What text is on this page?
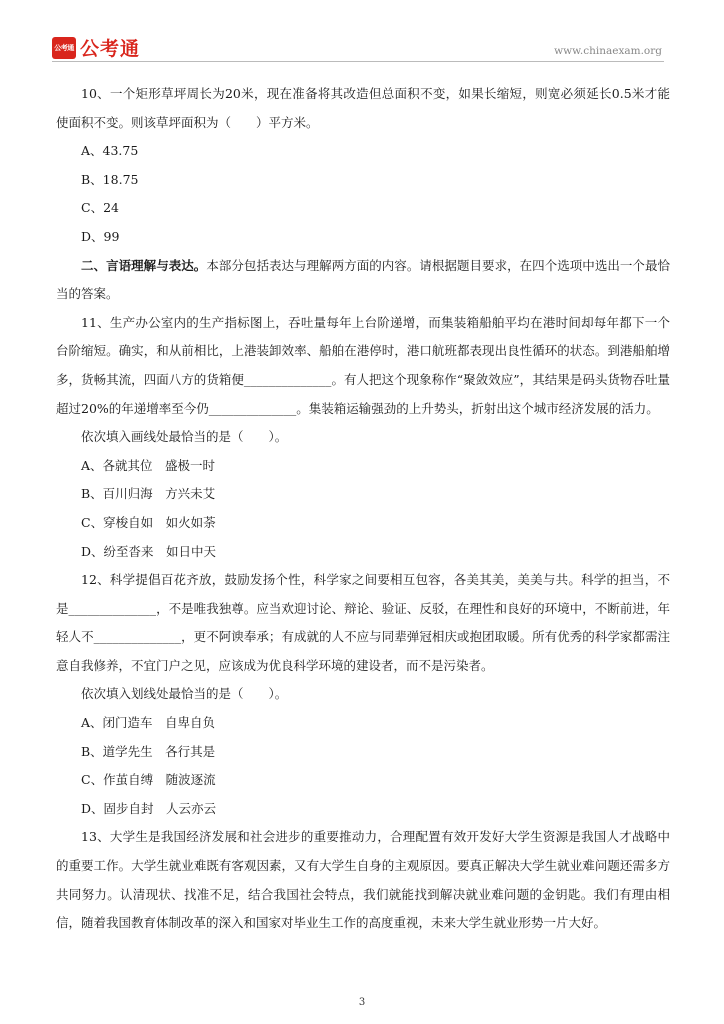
公考通 公考通	www.chinaexam.org

10、一个矩形草坪周长为20米，现在准备将其改造但总面积不变，如果长缩短，则宽必须延长0.5米才能使面积不变。则该草坪面积为（　　）平方米。

A、43.75

B、18.75

C、24

D、99

二、言语理解与表达。本部分包括表达与理解两方面的内容。请根据题目要求，在四个选项中选出一个最恰当的答案。

11、生产办公室内的生产指标图上，吞吐量每年上台阶递增，而集装箱船舶平均在港时间却每年都下一个台阶缩短。确实，和从前相比，上港装卸效率、船舶在港停时，港口航班都表现出良性循环的状态。到港船舶增多，货畅其流，四面八方的货箱便______________。有人把这个现象称作“聚敛效应”，其结果是码头货物吞吐量超过20%的年递增率至今仍______________。集装箱运输强劲的上升势头，折射出这个城市经济发展的活力。

依次填入画线处最恰当的是（　　）。

A、各就其位　盛极一时

B、百川归海　方兴未艾

C、穿梭自如　如火如荼

D、纷至沓来　如日中天

12、科学提倡百花齐放，鼓励发扬个性，科学家之间要相互包容，各美其美，美美与共。科学的担当，不是______________，不是唯我独尊。应当欢迎讨论、辩论、验证、反驳，在理性和良好的环境中，不断前进，年轻人不______________，更不阿谀奉承；有成就的人不应与同辈弹冠相庆或抱团取暖。所有优秀的科学家都需注意自我修养，不宜门户之见，应该成为优良科学环境的建设者，而不是污染者。

依次填入划线处最恰当的是（　　）。

A、闭门造车　自卑自负

B、道学先生　各行其是

C、作茧自缚　随波逐流

D、固步自封　人云亦云

13、大学生是我国经济发展和社会进步的重要推动力，合理配置有效开发好大学生资源是我国人才战略中的重要工作。大学生就业难既有客观因素，又有大学生自身的主观原因。要真正解决大学生就业难问题还需多方共同努力。认清现状、找准不足，结合我国社会特点，我们就能找到解决就业难问题的金钥匙。我们有理由相信，随着我国教育体制改革的深入和国家对毕业生工作的高度重视，未来大学生就业形势一片大好。

3
